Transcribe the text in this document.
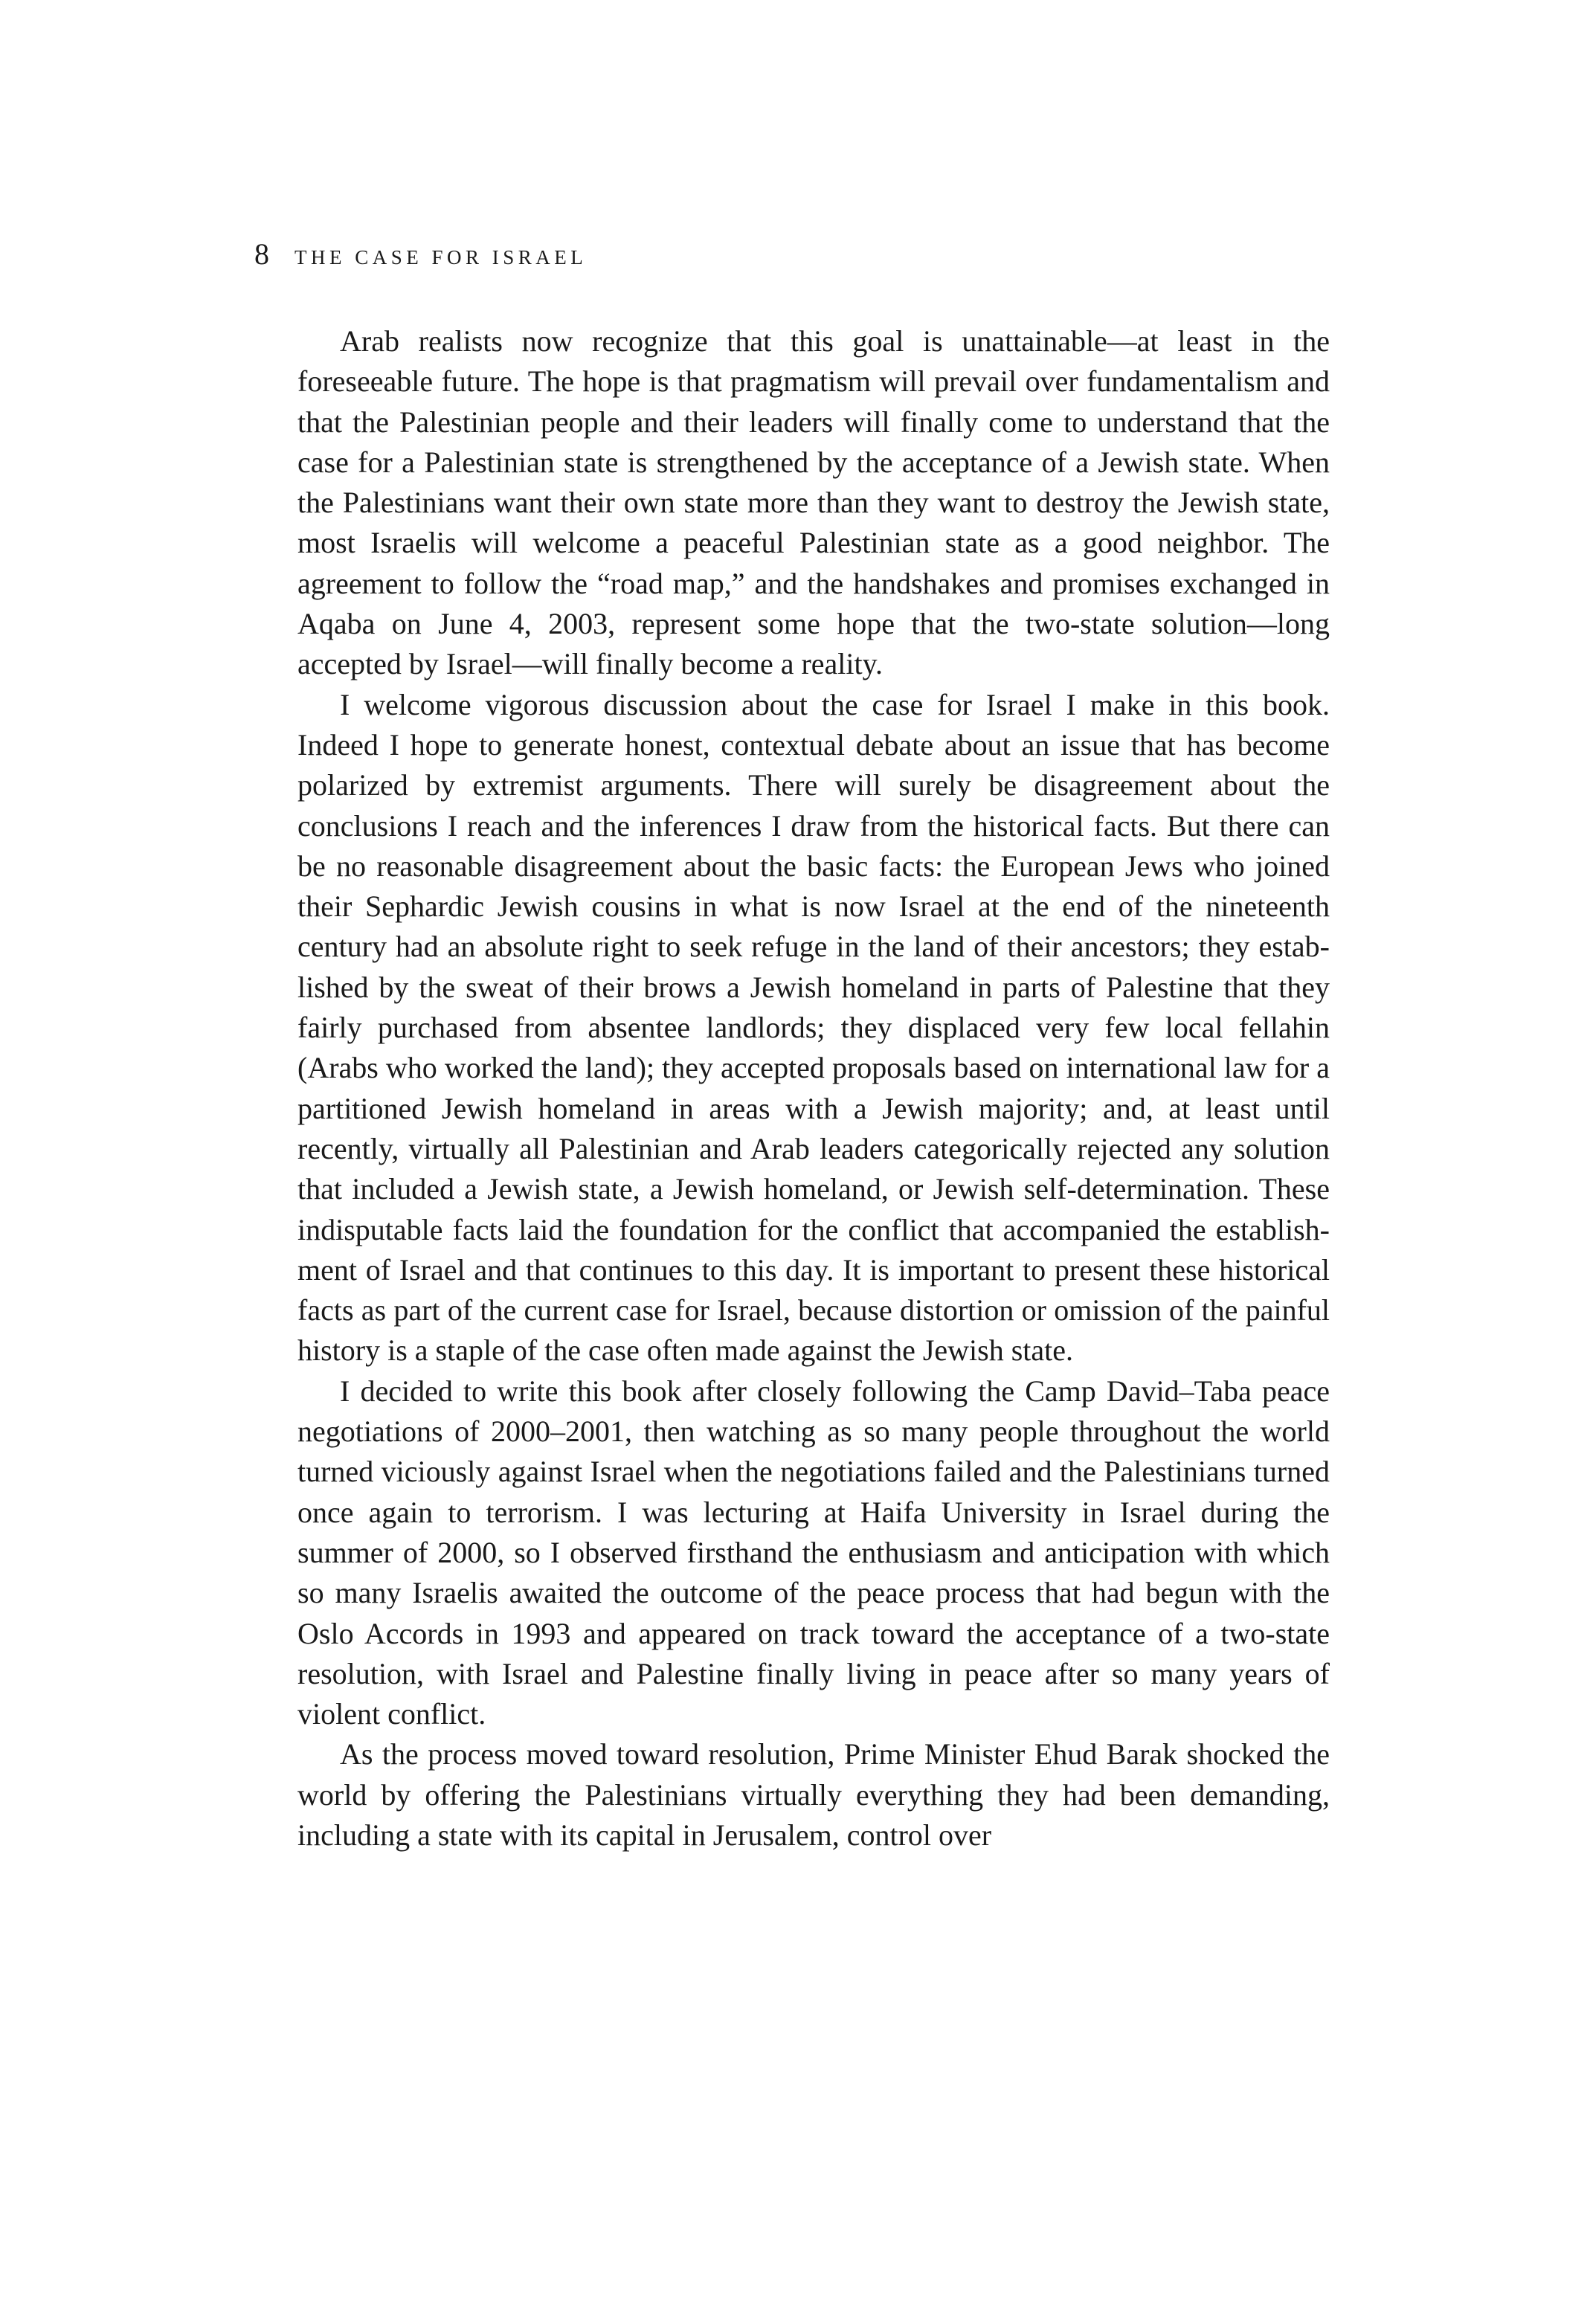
8 THE CASE FOR ISRAEL

Arab realists now recognize that this goal is unattainable—at least in the foreseeable future. The hope is that pragmatism will prevail over fundamentalism and that the Palestinian people and their leaders will finally come to understand that the case for a Palestinian state is strengthened by the acceptance of a Jewish state. When the Palestinians want their own state more than they want to destroy the Jewish state, most Israelis will welcome a peaceful Palestinian state as a good neighbor. The agreement to follow the “road map,” and the handshakes and promises exchanged in Aqaba on June 4, 2003, represent some hope that the two-state solution—long accepted by Israel—will finally become a reality.

I welcome vigorous discussion about the case for Israel I make in this book. Indeed I hope to generate honest, contextual debate about an issue that has become polarized by extremist arguments. There will surely be disagreement about the conclusions I reach and the inferences I draw from the historical facts. But there can be no reasonable disagreement about the basic facts: the European Jews who joined their Sephardic Jewish cousins in what is now Israel at the end of the nineteenth century had an absolute right to seek refuge in the land of their ancestors; they established by the sweat of their brows a Jewish homeland in parts of Palestine that they fairly purchased from absentee landlords; they displaced very few local fellahin (Arabs who worked the land); they accepted proposals based on international law for a partitioned Jewish homeland in areas with a Jewish majority; and, at least until recently, virtually all Palestinian and Arab leaders categorically rejected any solution that included a Jewish state, a Jewish homeland, or Jewish self-determination. These indisputable facts laid the foundation for the conflict that accompanied the establishment of Israel and that continues to this day. It is important to present these historical facts as part of the current case for Israel, because distortion or omission of the painful history is a staple of the case often made against the Jewish state.

I decided to write this book after closely following the Camp David–Taba peace negotiations of 2000–2001, then watching as so many people throughout the world turned viciously against Israel when the negotiations failed and the Palestinians turned once again to terrorism. I was lecturing at Haifa University in Israel during the summer of 2000, so I observed firsthand the enthusiasm and anticipation with which so many Israelis awaited the outcome of the peace process that had begun with the Oslo Accords in 1993 and appeared on track toward the acceptance of a two-state resolution, with Israel and Palestine finally living in peace after so many years of violent conflict.

As the process moved toward resolution, Prime Minister Ehud Barak shocked the world by offering the Palestinians virtually everything they had been demanding, including a state with its capital in Jerusalem, control over
